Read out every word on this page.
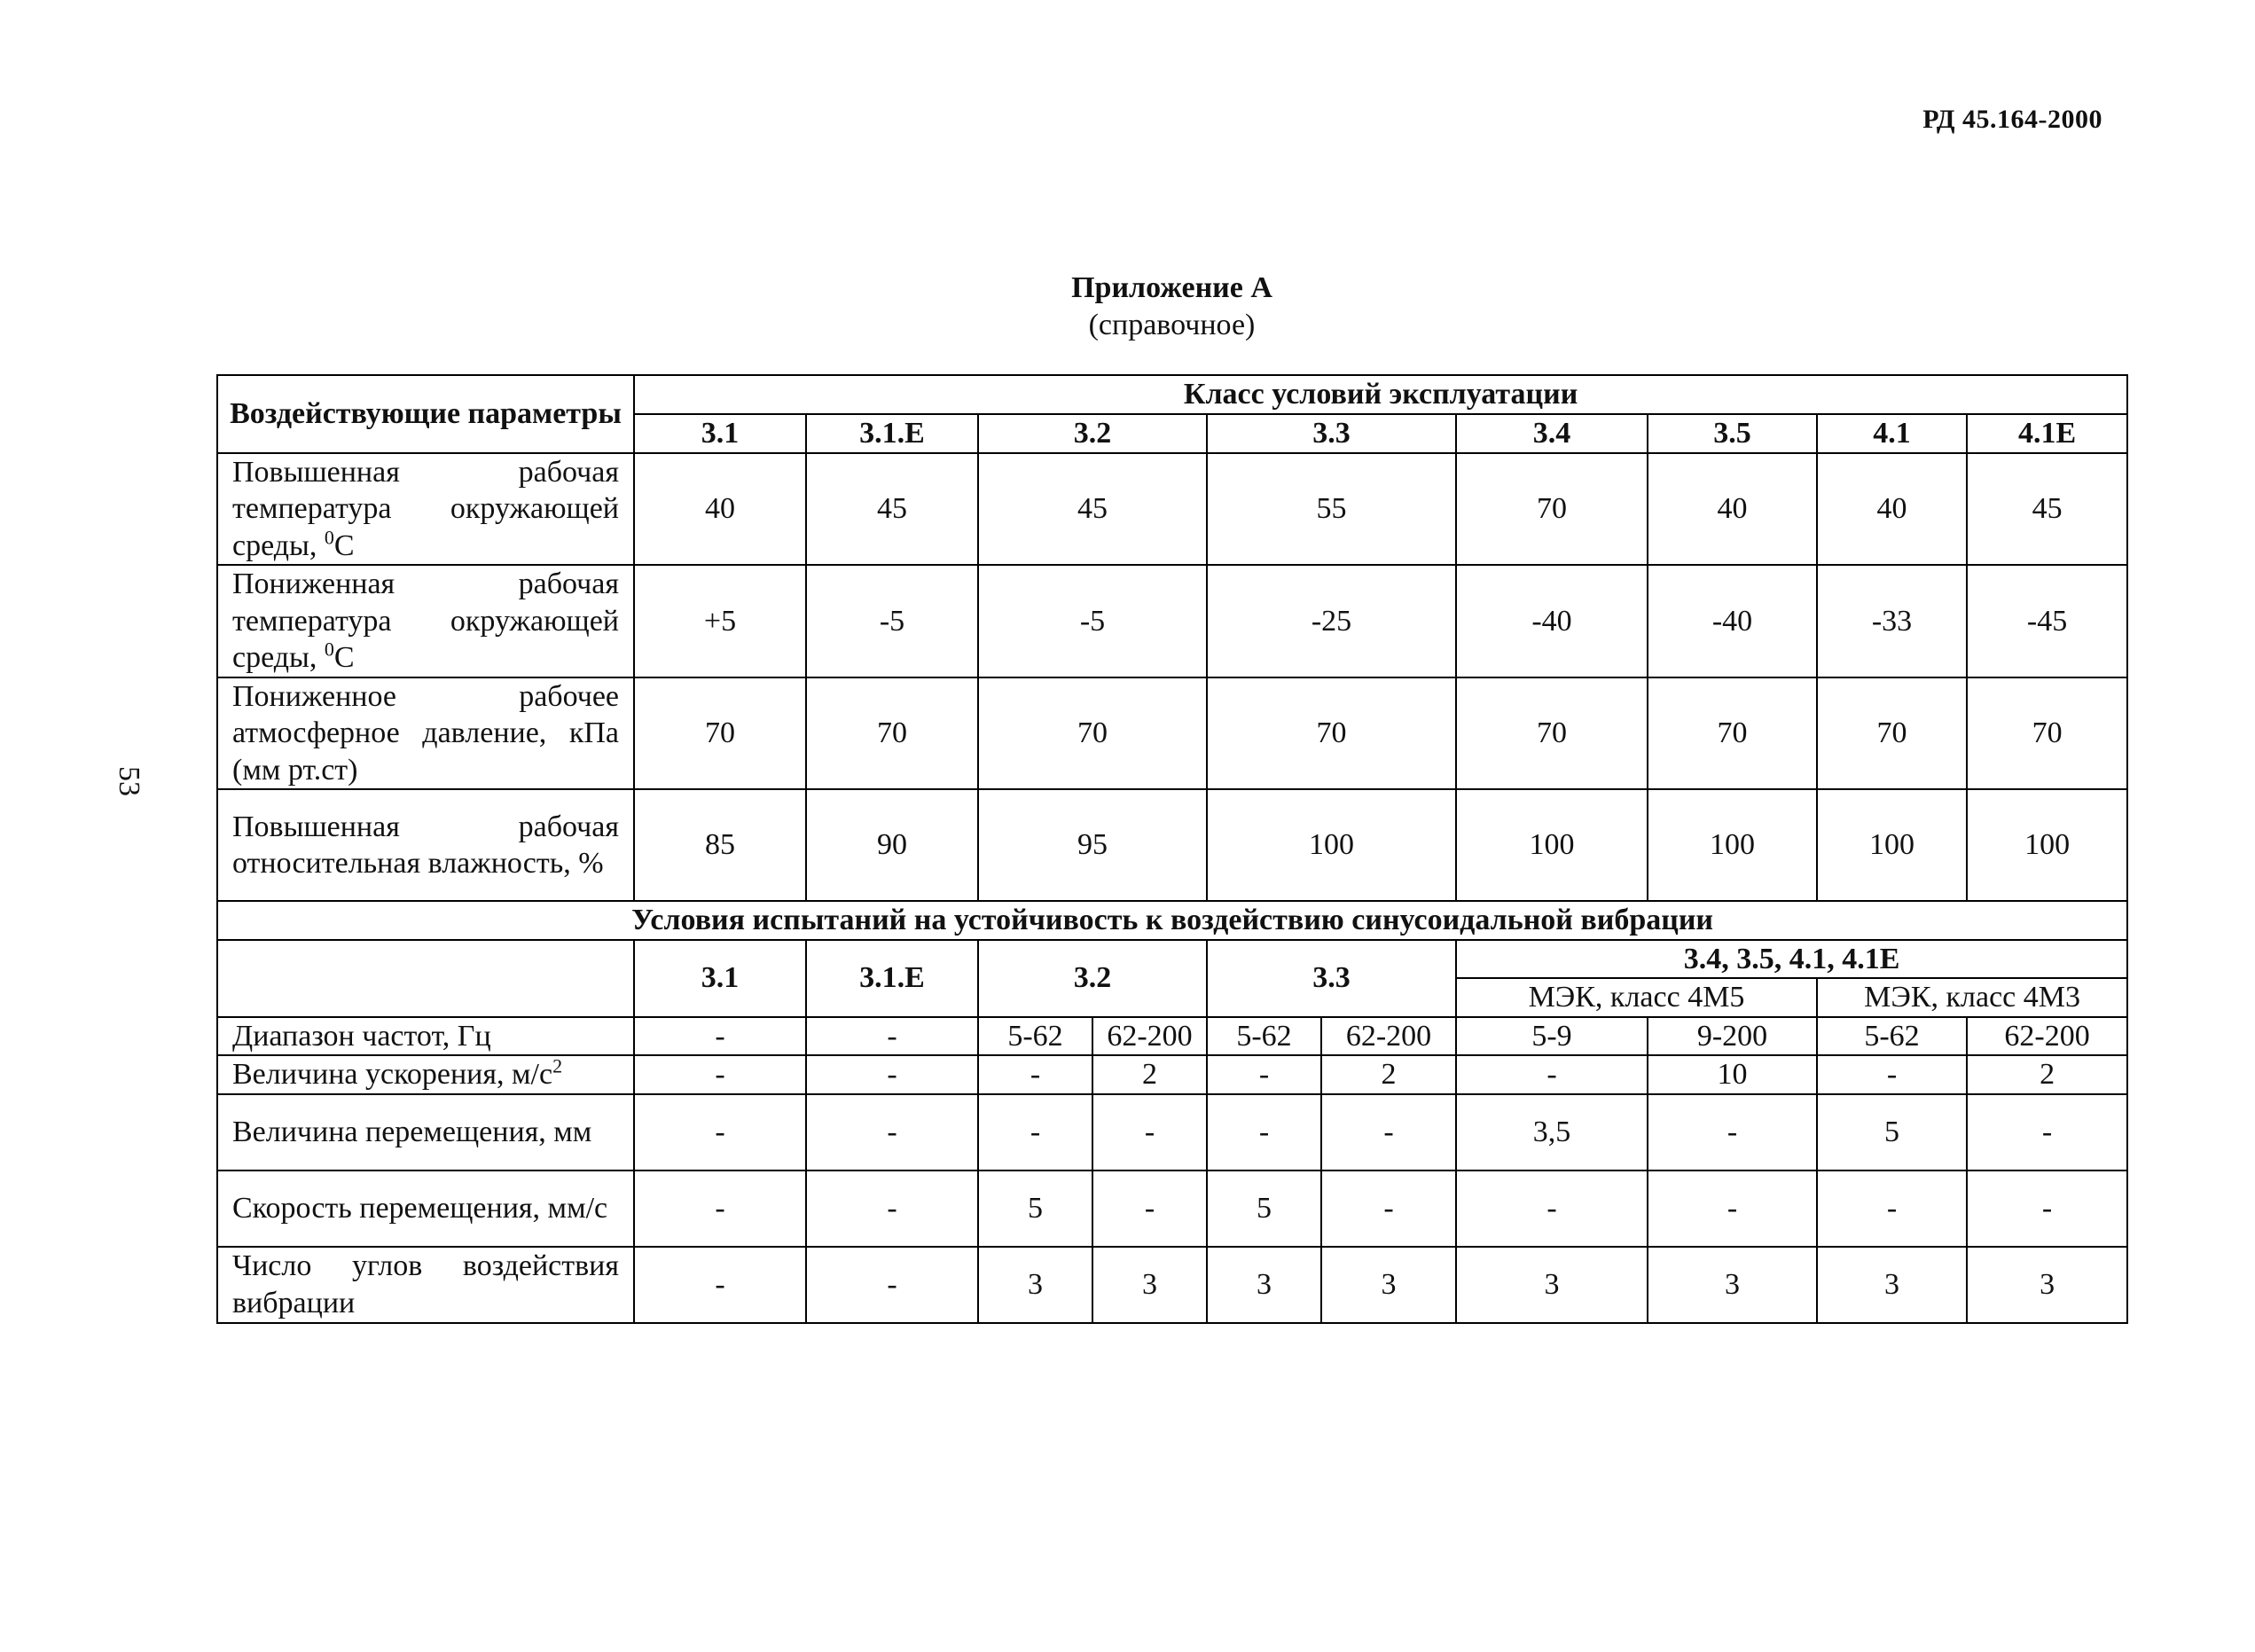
РД 45.164-2000
53
Приложение А
(справочное)
Воздействующие параметры	Класс условий эксплуатации									
	3.1	3.1.E	3.2		3.3		3.4	3.5	4.1	4.1E
Повышенная рабочая температура окружающей среды, $^0$С	40	45	45		55		70	40	40	45
Пониженная рабочая температура окружающей среды, $^0$С	+5	-5	-5		-25		-40	-40	-33	-45
Пониженное рабочее атмосферное давление, кПа (мм рт.ст)	70	70	70		70		70	70	70	70
Повышенная рабочая относительная влажность, %	85	90	95		100		100	100	100	100
Условия испытаний на устойчивость к воздействию синусоидальной вибрации										
	3.1	3.1.E	3.2		3.3		3.4, 3.5, 4.1, 4.1E			
							МЭК, класс 4М5		МЭК, класс 4М3	
Диапазон частот, Гц	-	-	5-62	62-200	5-62	62-200	5-9	9-200	5-62	62-200
Величина ускорения, $м/с^2$	-	-	-	2	-	2	-	10	-	2
Величина перемещения, мм	-	-	-	-	-	-	3,5	-	5	-
Скорость перемещения, мм/с	-	-	5	-	5	-	-	-	-	-
Число углов воздействия вибрации	-	-	3	3	3	3	3	3	3	3
